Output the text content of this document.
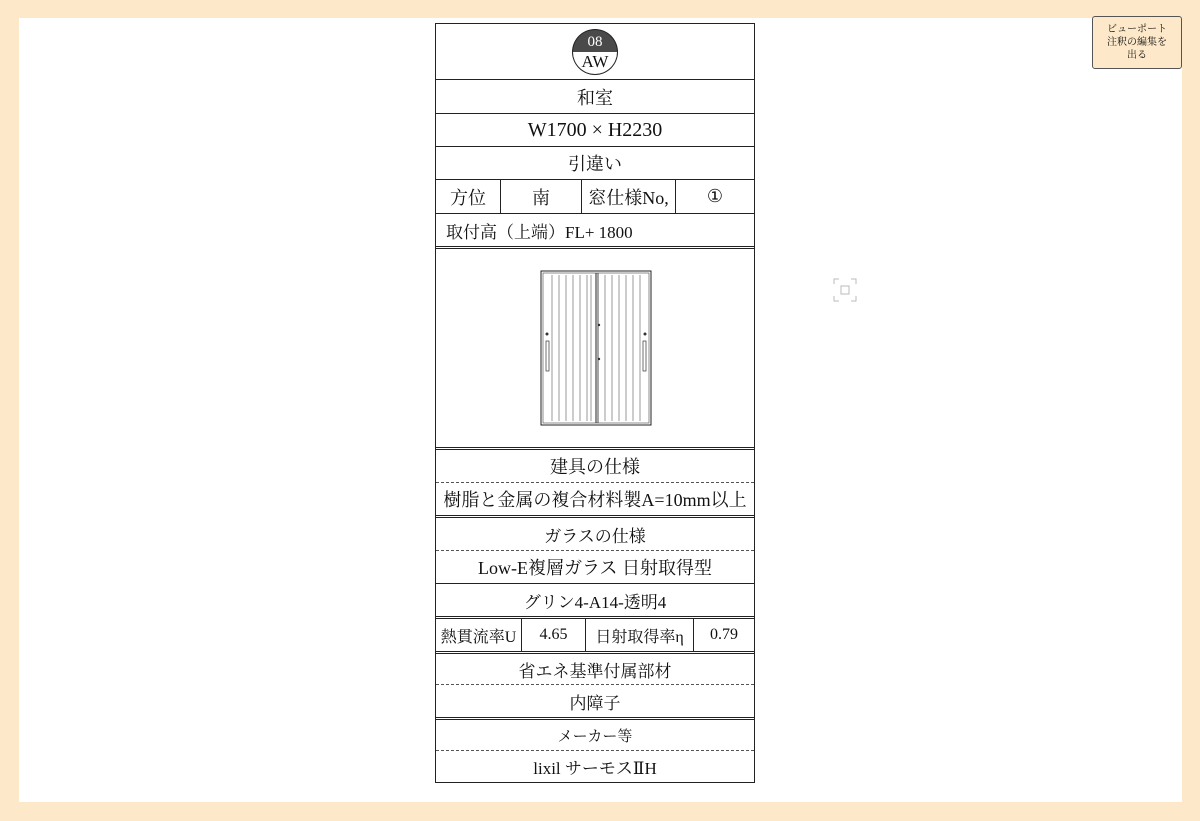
ビューポート
注釈の編集を
出る
08
AW
和室
W1700 × H2230
引違い
方位	南	窓仕様No,	①
取付高（上端）FL+ 1800
建具の仕様
樹脂と金属の複合材料製A=10mm以上
ガラスの仕様
Low-E複層ガラス 日射取得型
グリン4-A14-透明4
熱貫流率U	4.65	日射取得率η	0.79
省エネ基準付属部材
内障子
メーカー等
lixil サーモスⅡH
